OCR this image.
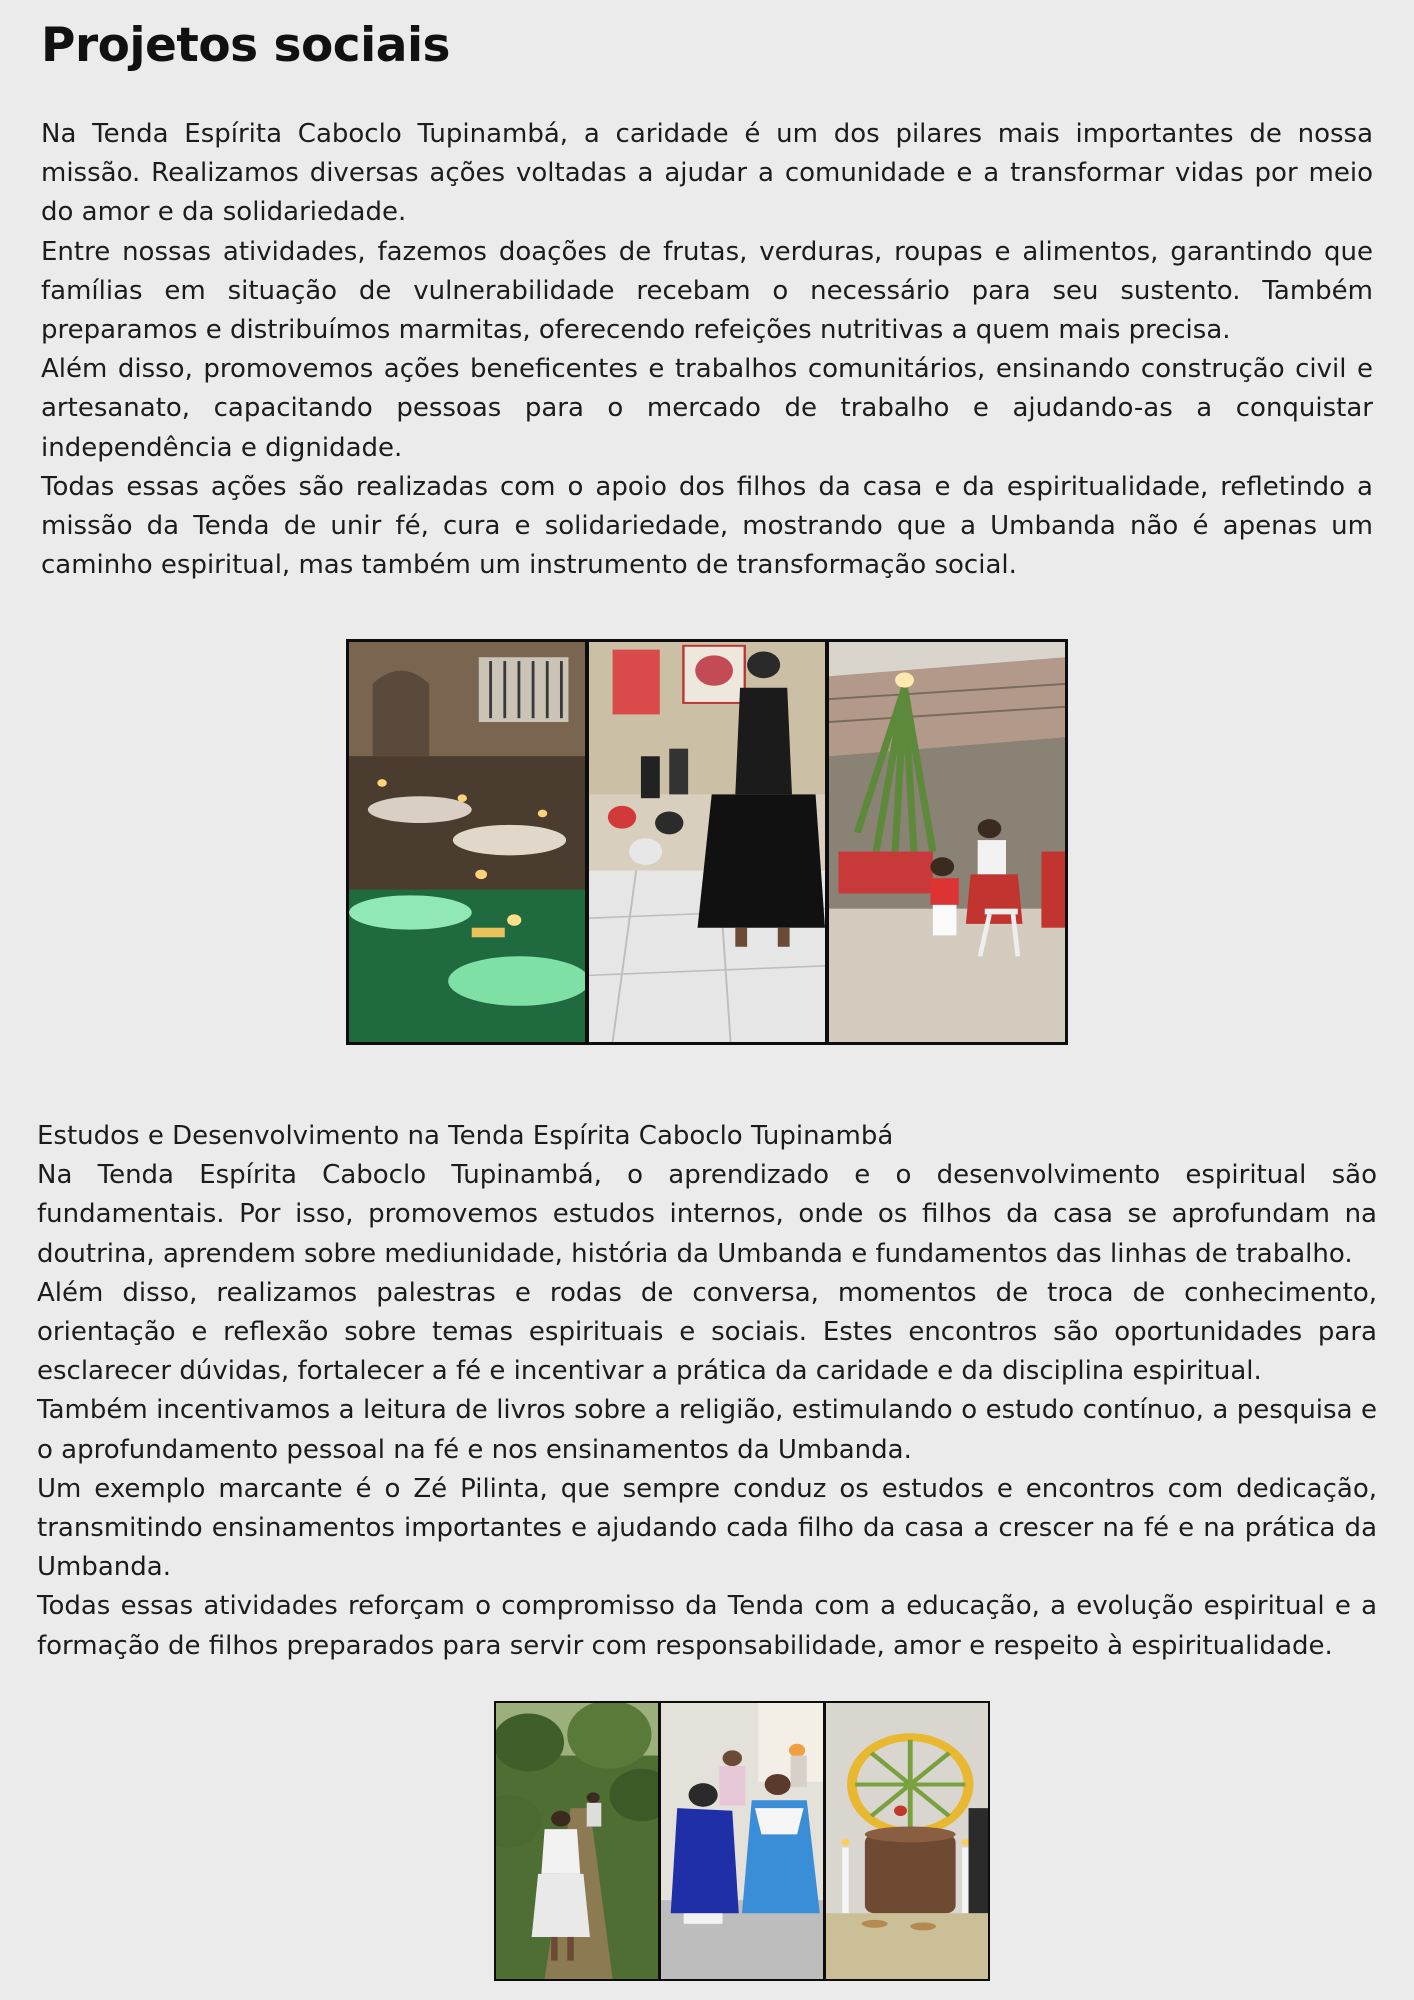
Projetos sociais

Na Tenda Espírita Caboclo Tupinambá, a caridade é um dos pilares mais importantes de nossa missão. Realizamos diversas ações voltadas a ajudar a comunidade e a transformar vidas por meio do amor e da solidariedade.

Entre nossas atividades, fazemos doações de frutas, verduras, roupas e alimentos, garantindo que famílias em situação de vulnerabilidade recebam o necessário para seu sustento. Também preparamos e distribuímos marmitas, oferecendo refeições nutritivas a quem mais precisa.

Além disso, promovemos ações beneficentes e trabalhos comunitários, ensinando construção civil e artesanato, capacitando pessoas para o mercado de trabalho e ajudando-as a conquistar independência e dignidade.

Todas essas ações são realizadas com o apoio dos filhos da casa e da espiritualidade, refletindo a missão da Tenda de unir fé, cura e solidariedade, mostrando que a Umbanda não é apenas um caminho espiritual, mas também um instrumento de transformação social.

Estudos e Desenvolvimento na Tenda Espírita Caboclo Tupinambá

Na Tenda Espírita Caboclo Tupinambá, o aprendizado e o desenvolvimento espiritual são fundamentais. Por isso, promovemos estudos internos, onde os filhos da casa se aprofundam na doutrina, aprendem sobre mediunidade, história da Umbanda e fundamentos das linhas de trabalho.

Além disso, realizamos palestras e rodas de conversa, momentos de troca de conhecimento, orientação e reflexão sobre temas espirituais e sociais. Estes encontros são oportunidades para esclarecer dúvidas, fortalecer a fé e incentivar a prática da caridade e da disciplina espiritual.

Também incentivamos a leitura de livros sobre a religião, estimulando o estudo contínuo, a pesquisa e o aprofundamento pessoal na fé e nos ensinamentos da Umbanda.

Um exemplo marcante é o Zé Pilinta, que sempre conduz os estudos e encontros com dedicação, transmitindo ensinamentos importantes e ajudando cada filho da casa a crescer na fé e na prática da Umbanda.

Todas essas atividades reforçam o compromisso da Tenda com a educação, a evolução espiritual e a formação de filhos preparados para servir com responsabilidade, amor e respeito à espiritualidade.
